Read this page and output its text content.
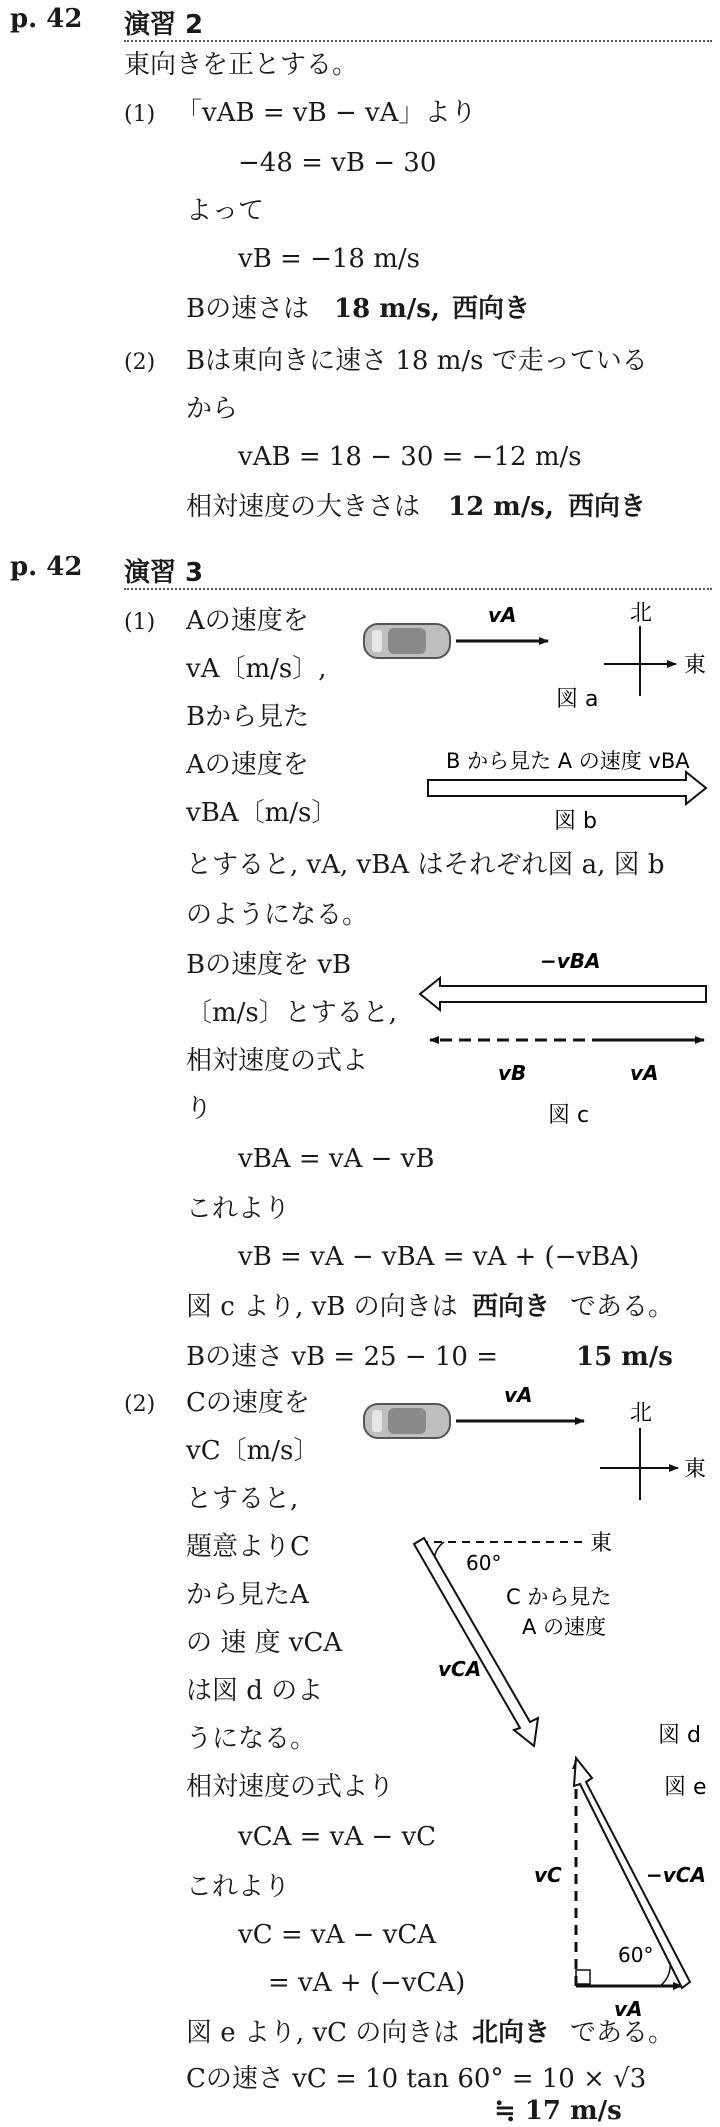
p. 42 演習 2
東向きを正とする。
(1) 「vAB = vB − vA」より
−48 = vB − 30
よって
vB = −18 m/s
Bの速さは 18 m/s, 西向き
(2) Bは東向きに速さ 18 m/s で走っている
から
vAB = 18 − 30 = −12 m/s
相対速度の大きさは 12 m/s, 西向き
p. 42 演習 3
(1) Aの速度を
vA〔m/s〕,
Bから見た
Aの速度を
vBA〔m/s〕
とすると, vA, vBA はそれぞれ図 a, 図 b
のようになる。
Bの速度を vB
〔m/s〕とすると,
相対速度の式よ
り
vBA = vA − vB
これより
vB = vA − vBA = vA + (−vBA)
図 c より, vB の向きは 西向き である。
Bの速さ vB = 25 − 10 =	15 m/s
vA	北
東
図 a
B から見た A の速度 vBA
図 b
−vBA
vB	vA
図 c
(2) Cの速度を
vC〔m/s〕
とすると,
題意よりC
から見たA
の 速 度 vCA
は図 d のよ
うになる。
相対速度の式より
vCA = vA − vC
これより
vC = vA − vCA
= vA + (−vCA)
図 e より, vC の向きは 北向き である。
Cの速さ vC = 10 tan 60° = 10 × √3
≒ 17 m/s
vA
北
東
東
60°
C から見た
A の速度
vCA
図 d
図 e
60°
vC	−vCA
vA
